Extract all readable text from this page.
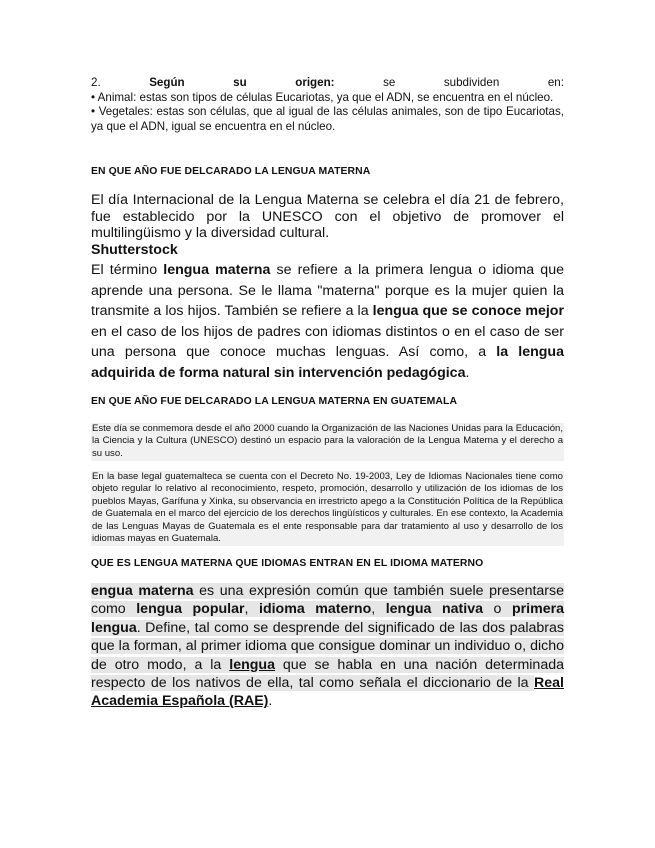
2.	Según	su	origen:	se	subdividen	en:

• Animal: estas son tipos de células Eucariotas, ya que el ADN, se encuentra en el núcleo.

• Vegetales: estas son células, que al igual de las células animales, son de tipo Eucariotas, ya que el ADN, igual se encuentra en el núcleo.

EN QUE AÑO FUE DELCARADO LA LENGUA MATERNA

El día Internacional de la Lengua Materna se celebra el día 21 de febrero, fue establecido por la UNESCO con el objetivo de promover el multilingüismo y la diversidad cultural.

Shutterstock

El término lengua materna se refiere a la primera lengua o idioma que aprende una persona. Se le llama "materna" porque es la mujer quien la transmite a los hijos. También se refiere a la lengua que se conoce mejor en el caso de los hijos de padres con idiomas distintos o en el caso de ser una persona que conoce muchas lenguas. Así como, a la lengua adquirida de forma natural sin intervención pedagógica.

EN QUE AÑO FUE DELCARADO LA LENGUA MATERNA EN GUATEMALA
Este día se conmemora desde el año 2000 cuando la Organización de las Naciones Unidas para la Educación, la Ciencia y la Cultura (UNESCO) destinó un espacio para la valoración de la Lengua Materna y el derecho a su uso.
En la base legal guatemalteca se cuenta con el Decreto No. 19-2003, Ley de Idiomas Nacionales tiene como objeto regular lo relativo al reconocimiento, respeto, promoción, desarrollo y utilización de los idiomas de los pueblos Mayas, Garífuna y Xinka, su observancia en irrestricto apego a la Constitución Política de la República de Guatemala en el marco del ejercicio de los derechos lingüísticos y culturales. En ese contexto, la Academia de las Lenguas Mayas de Guatemala es el ente responsable para dar tratamiento al uso y desarrollo de los idiomas mayas en Guatemala.
QUE ES LENGUA MATERNA QUE IDIOMAS ENTRAN EN EL IDIOMA MATERNO

engua materna es una expresión común que también suele presentarse como lengua popular, idioma materno, lengua nativa o primera lengua. Define, tal como se desprende del significado de las dos palabras que la forman, al primer idioma que consigue dominar un individuo o, dicho de otro modo, a la lengua que se habla en una nación determinada respecto de los nativos de ella, tal como señala el diccionario de la Real Academia Española (RAE).
